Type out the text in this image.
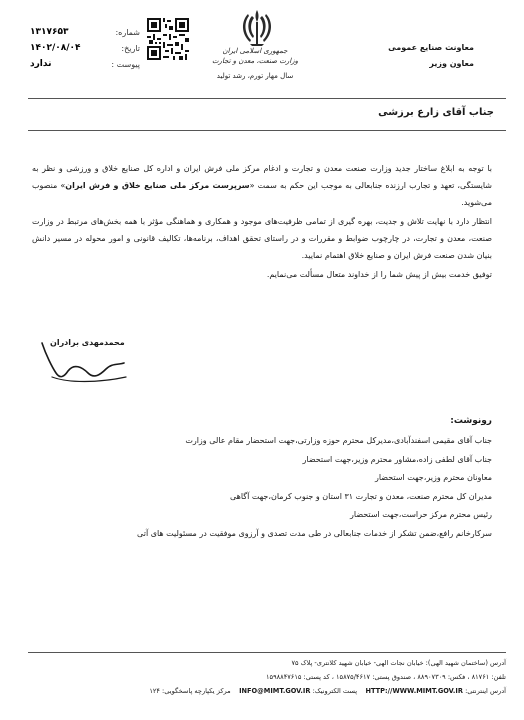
معاونت صنایع عمومی
معاون وزیر
جمهوری اسلامی ایران
وزارت صنعت، معدن و تجارت
سال مهار تورم، رشد تولید
شماره:
۱۳۱۷۶۵۳
تاریخ:
۱۴۰۲/۰۸/۰۴
پیوست :
ندارد
جناب آقای زارع برزشی

با توجه به ابلاغ ساختار جدید وزارت صنعت معدن و تجارت و ادغام مرکز ملی فرش ایران و اداره کل صنایع خلاق و ورزشی و نظر به شایستگی، تعهد و تجارب ارزنده جنابعالی به موجب این حکم به سمت «سرپرست مرکز ملی صنایع خلاق و فرش ایران» منصوب می‌شوید.

انتظار دارد با نهایت تلاش و جدیت، بهره گیری از تمامی ظرفیت‌های موجود و همکاری و هماهنگی مؤثر با همه بخش‌های مرتبط در وزارت صنعت، معدن و تجارت، در چارچوب ضوابط و مقررات و در راستای تحقق اهداف، برنامه‌ها، تکالیف قانونی و امور محوله در مسیر دانش بنیان شدن صنعت فرش ایران و صنایع خلاق اهتمام نمایید.

توفیق خدمت بیش از پیش شما را از خداوند متعال مسألت می‌نمایم.

محمدمهدی برادران
رونوشت:
جناب آقای مقیمی اسفندآبادی،مدیرکل محترم حوزه وزارتی،جهت استحضار مقام عالی وزارت
جناب آقای لطفی زاده،مشاور محترم وزیر،جهت استحضار
معاونان محترم وزیر،جهت استحضار
مدیران کل محترم صنعت، معدن و تجارت ۳۱ استان و جنوب کرمان،جهت آگاهی
رئیس محترم مرکز حراست،جهت استحضار
سرکارخانم رافع،ضمن تشکر از خدمات جنابعالی در طی مدت تصدی و آرزوی موفقیت در مسئولیت های آتی
آدرس (ساختمان شهید الهی): خیابان نجات الهی- خیابان شهید کلانتری- پلاک ۷۵
تلفن: ۸۱۷۶۱ ، فکس: ۸۸۹۰۷۳۰۹ ، صندوق پستی: ۱۵۸۷۵/۴۶۱۷ ، کد پستی: ۱۵۹۸۸۴۷۶۱۵
آدرس اینترنتی: HTTP://WWW.MIMT.GOV.IR    پست الکترونیک: INFO@MIMT.GOV.IR    مرکز یکپارچه پاسخگویی: ۱۲۴
